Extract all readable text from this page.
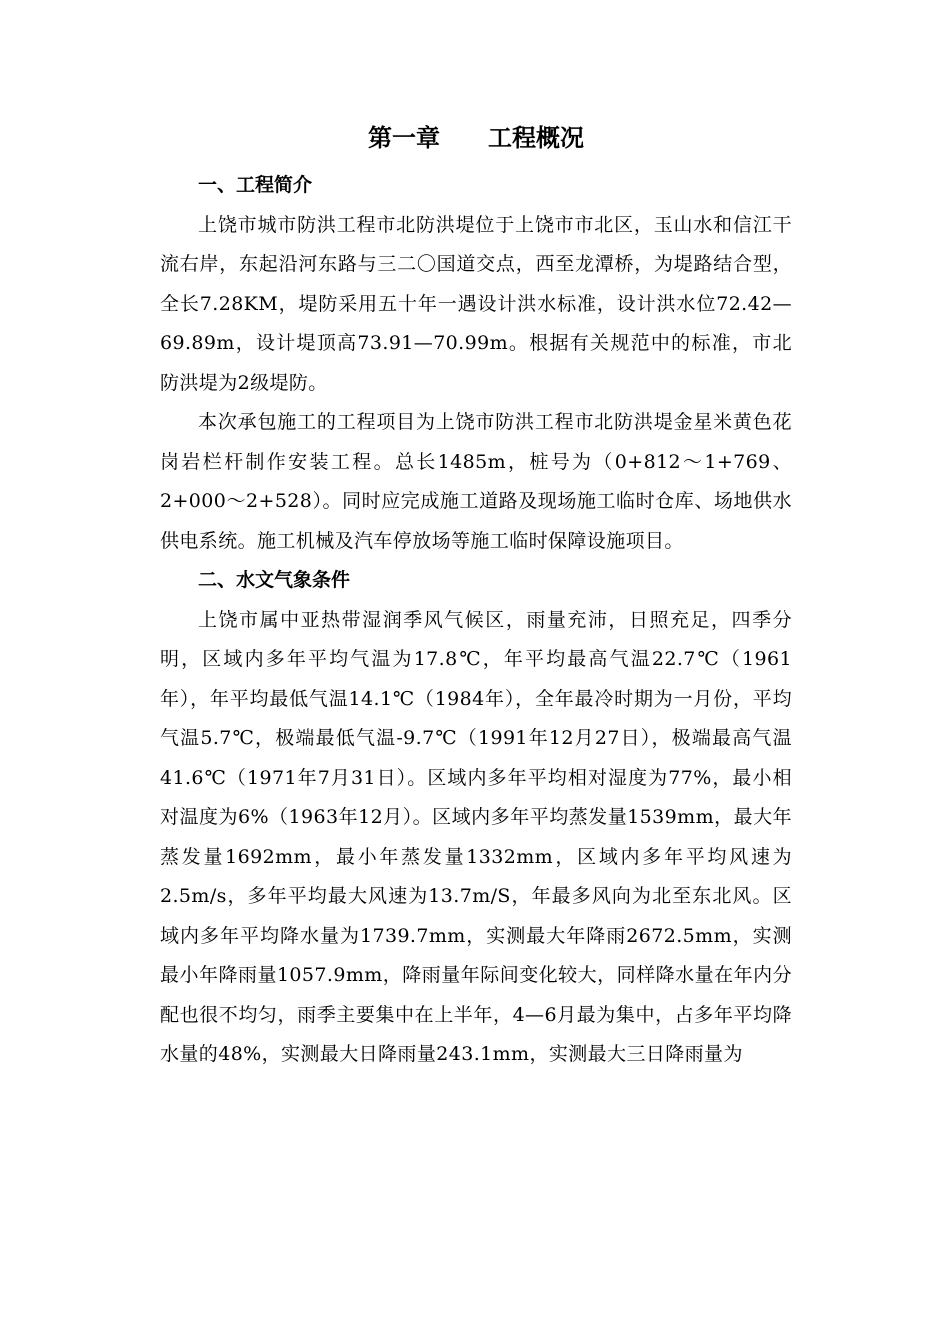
第一章　　工程概况
一、工程简介

上饶市城市防洪工程市北防洪堤位于上饶市市北区，玉山水和信江干流右岸，东起沿河东路与三二〇国道交点，西至龙潭桥，为堤路结合型，全长7.28KM，堤防采用五十年一遇设计洪水标准，设计洪水位72.42—69.89m，设计堤顶高73.91—70.99m。根据有关规范中的标准，市北防洪堤为2级堤防。

本次承包施工的工程项目为上饶市防洪工程市北防洪堤金星米黄色花岗岩栏杆制作安装工程。总长1485m，桩号为（0+812～1+769、2+000～2+528）。同时应完成施工道路及现场施工临时仓库、场地供水供电系统。施工机械及汽车停放场等施工临时保障设施项目。

二、水文气象条件

上饶市属中亚热带湿润季风气候区，雨量充沛，日照充足，四季分明，区域内多年平均气温为17.8℃，年平均最高气温22.7℃（1961年），年平均最低气温14.1℃（1984年），全年最冷时期为一月份，平均气温5.7℃，极端最低气温-9.7℃（1991年12月27日），极端最高气温41.6℃（1971年7月31日）。区域内多年平均相对湿度为77%，最小相对温度为6%（1963年12月）。区域内多年平均蒸发量1539mm，最大年蒸发量1692mm，最小年蒸发量1332mm，区域内多年平均风速为2.5m/s，多年平均最大风速为13.7m/S，年最多风向为北至东北风。区域内多年平均降水量为1739.7mm，实测最大年降雨2672.5mm，实测最小年降雨量1057.9mm，降雨量年际间变化较大，同样降水量在年内分配也很不均匀，雨季主要集中在上半年，4—6月最为集中，占多年平均降水量的48%，实测最大日降雨量243.1mm，实测最大三日降雨量为
